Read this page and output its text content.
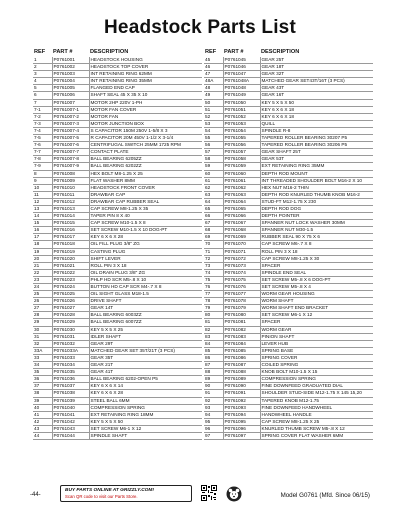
Headstock Parts List
REF	PART #	DESCRIPTION
1	P0761001	HEADSTOCK HOUSING
2	P0761002	HEADSTOCK TOP COVER
3	P0761003	INT RETAINING RING 62MM
4	P0761004	INT RETAINING RING 35MM
5	P0761005	FLANGED END CAP
6	P0761006	SHAFT SEAL 45 X 35 X 10
7	P0761007	MOTOR 2HP 220V 1-PH
7-1	P0761007-1	MOTOR FAN COVER
7-2	P0761007-2	MOTOR FAN
7-3	P0761007-3	MOTOR JUNCTION BOX
7-4	P0761007-4	S CAPACITOR 150M 250V 1-5/8 X 3
7-5	P0761007-5	R CAPACITOR 20M 450V 1-1/2 X 3-1/4
7-6	P0761007-6	CENTRIFUGAL SWITCH 25MM 1725 RPM
7-7	P0761007-7	CONTACT PLATE
7-8	P0761007-8	BALL BEARING 6205ZZ
7-9	P0761007-9	BALL BEARING 6202ZZ
8	P0761008	HEX BOLT M8-1.25 X 25
9	P0761009	FLAT WASHER 8MM
10	P0761010	HEADSTOCK FRONT COVER
11	P0761011	DRAWBAR CAP
12	P0761012	DRAWBAR CAP RUBBER SEAL
13	P0761013	CAP SCREW M8-1.25 X 35
14	P0761014	TAPER PIN 8 X 40
15	P0761015	CAP SCREW M10-1.5 X 8
16	P0761016	SET SCREW M10-1.5 X 10 DOG-PT
17	P0761017	KEY 6 X 6 X 28
18	P0761018	OIL FILL PLUG 3/8" ZG
19	P0761019	CASTING PLUG
20	P0761020	SHIFT LEVER
21	P0761021	ROLL PIN 3 X 18
22	P0761022	OIL DRAIN PLUG 3/8" ZG
23	P0761023	PHLP HD SCR M5-.8 X 10
24	P0761024	BUTTON HD CAP SCR M4-.7 X 8
25	P0761025	OIL SIGHT GLASS M18-1.5
26	P0761026	DRIVE SHAFT
27	P0761027	GEAR 14T
28	P0761028	BALL BEARING 6003ZZ
29	P0761029	BALL BEARING 6007ZZ
30	P0761030	KEY 5 X 5 X 25
31	P0761031	IDLER SHAFT
32	P0761032	GEAR 29T
33A	P0761033A	MATCHED GEAR SET 35T/21T (3 PCS)
33	P0761033	GEAR 35T
34	P0761034	GEAR 21T
35	P0761035	GEAR 41T
36	P0761036	BALL BEARING 6202-OPEN P5
37	P0761037	KEY 6 X 6 X 14
38	P0761038	KEY 6 X 6 X 28
39	P0761039	STEEL BALL 6MM
40	P0761040	COMPRESSION SPRING
41	P0761041	EXT RETAINING RING 18MM
42	P0761042	KEY 5 X 5 X 50
43	P0761043	SET SCREW M6-1 X 12
44	P0761044	SPINDLE SHAFT
REF	PART #	DESCRIPTION
45	P0761045	GEAR 25T
46	P0761046	GEAR 18T
47	P0761047	GEAR 32T
48A	P0761048A	MATCHED GEAR SET43T/16T (3 PCS)
48	P0761048	GEAR 43T
49	P0761049	GEAR 16T
50	P0761050	KEY 5 X 5 X 50
51	P0761051	KEY 6 X 6 X 18
52	P0761052	KEY 6 X 6 X 18
53	P0761053	QUILL
54	P0761054	SPINDLE R-8
55	P0761055	TAPERED ROLLER BEARING 30207 P5
56	P0761056	TAPERED ROLLER BEARING 30206 P5
57	P0761057	GEAR SHAFT 25T
58	P0761058	GEAR 53T
59	P0761059	EXT RETAINING RING 35MM
60	P0761060	DEPTH ROD MOUNT
61	P0761061	INT THREADED SHOULDER BOLT M16-2 X 10
62	P0761062	HEX NUT M16-2 THIN
63	P0761063	DEPTH ROD KNURLED THUMB KNOB M16-2
64	P0761064	STUD-FT M12-1.75 X 230
65	P0761065	DEPTH ROD DOG
66	P0761066	DEPTH POINTER
67	P0761067	SPANNER NUT LOCK WASHER 30MM
68	P0761068	SPANNER NUT M30-1.5
69	P0761069	RUBBER SEAL 90 X 75 X 6
70	P0761070	CAP SCREW M6-.7 X 8
71	P0761071	ROLL PIN 3 X 18
72	P0761072	CAP SCREW M8-1.25 X 30
73	P0761073	SPACER
74	P0761074	SPINDLE END SEAL
75	P0761075	SET SCREW M5-.8 X 6 DOG-PT
76	P0761076	SET SCREW M5-.8 X 4
77	P0761077	WORM GEAR HOUSING
78	P0761078	WORM SHAFT
79	P0761079	WORM SHAFT END BRACKET
80	P0761080	SET SCREW M6-1 X 12
81	P0761081	SPACER
82	P0761082	WORM GEAR
83	P0761083	PINION SHAFT
84	P0761084	LEVER HUB
85	P0761085	SPRING BASE
86	P0761086	SPRING COVER
87	P0761087	COILED SPRING
88	P0761088	KNOB BOLT M10-1.5 X 15
89	P0761089	COMPRESSION SPRING
90	P0761090	FINE DOWNFEED GRADUATED DIAL
91	P0761091	SHOULDER STUD-SIDE M12-1.75 X 145 15,20
92	P0761092	TAPERED KNOB M12-1.75
93	P0761093	FINE DOWNFEED HANDWHEEL
94	P0761094	HANDWHEEL HANDLE
95	P0761095	CAP SCREW M8-1.25 X 25
96	P0761096	KNURLED THUMB SCREW M5-.8 X 12
97	P0761097	SPRING COVER FLAT WASHER 6MM
-44-
BUY PARTS ONLINE AT GRIZZLY.COM!
Scan QR code to visit our Parts Store.	Model G0761 (Mfd. Since 06/15)
